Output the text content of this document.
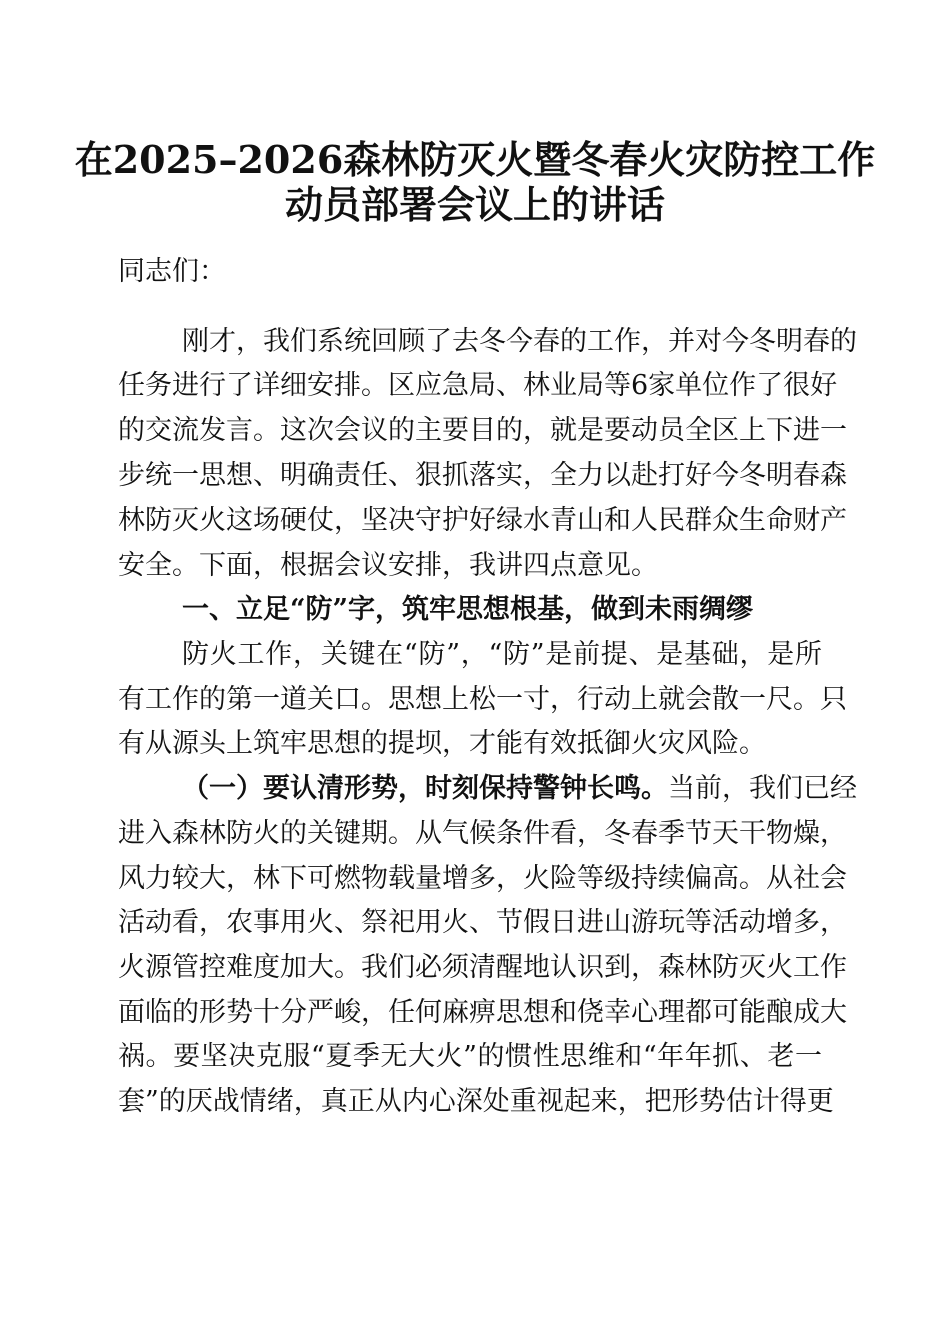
在2025–2026森林防灭火暨冬春火灾防控工作
动员部署会议上的讲话
同志们：
刚才，我们系统回顾了去冬今春的工作，并对今冬明春的
任务进行了详细安排。区应急局、林业局等6家单位作了很好
的交流发言。这次会议的主要目的，就是要动员全区上下进一
步统一思想、明确责任、狠抓落实，全力以赴打好今冬明春森
林防灭火这场硬仗，坚决守护好绿水青山和人民群众生命财产
安全。下面，根据会议安排，我讲四点意见。
一、立足“防”字，筑牢思想根基，做到未雨绸缪
防火工作，关键在“防”，“防”是前提、是基础，是所
有工作的第一道关口。思想上松一寸，行动上就会散一尺。只
有从源头上筑牢思想的提坝，才能有效抵御火灾风险。
（一）要认清形势，时刻保持警钟长鸣。当前，我们已经
进入森林防火的关键期。从气候条件看，冬春季节天干物燥，
风力较大，林下可燃物载量增多，火险等级持续偏高。从社会
活动看，农事用火、祭祀用火、节假日进山游玩等活动增多，
火源管控难度加大。我们必须清醒地认识到，森林防灭火工作
面临的形势十分严峻，任何麻痹思想和侥幸心理都可能酿成大
祸。要坚决克服“夏季无大火”的惯性思维和“年年抓、老一
套”的厌战情绪，真正从内心深处重视起来，把形势估计得更
